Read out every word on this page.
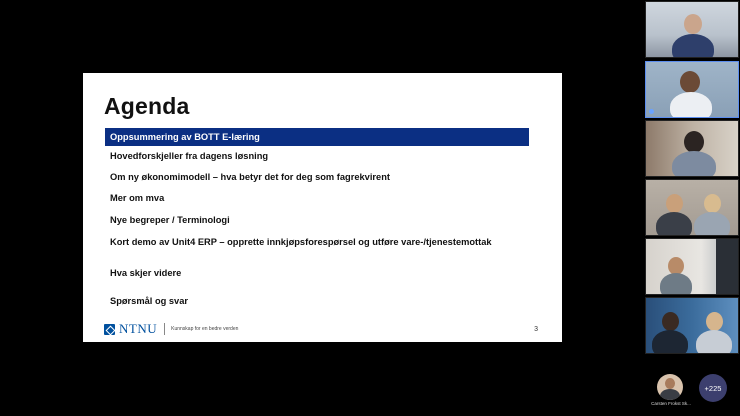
Agenda
Oppsummering av BOTT E-læring
Hovedforskjeller fra dagens løsning
Om ny økonomimodell – hva betyr det for deg som fagrekvirent
Mer om mva
Nye begreper / Terminologi
Kort demo av Unit4 ERP – opprette innkjøpsforespørsel og utføre vare-/tjenestemottak
Hva skjer videre
Spørsmål og svar
NTNU	Kunnskap for en bedre verden	3
Carsten Frokst Sk...
+225
